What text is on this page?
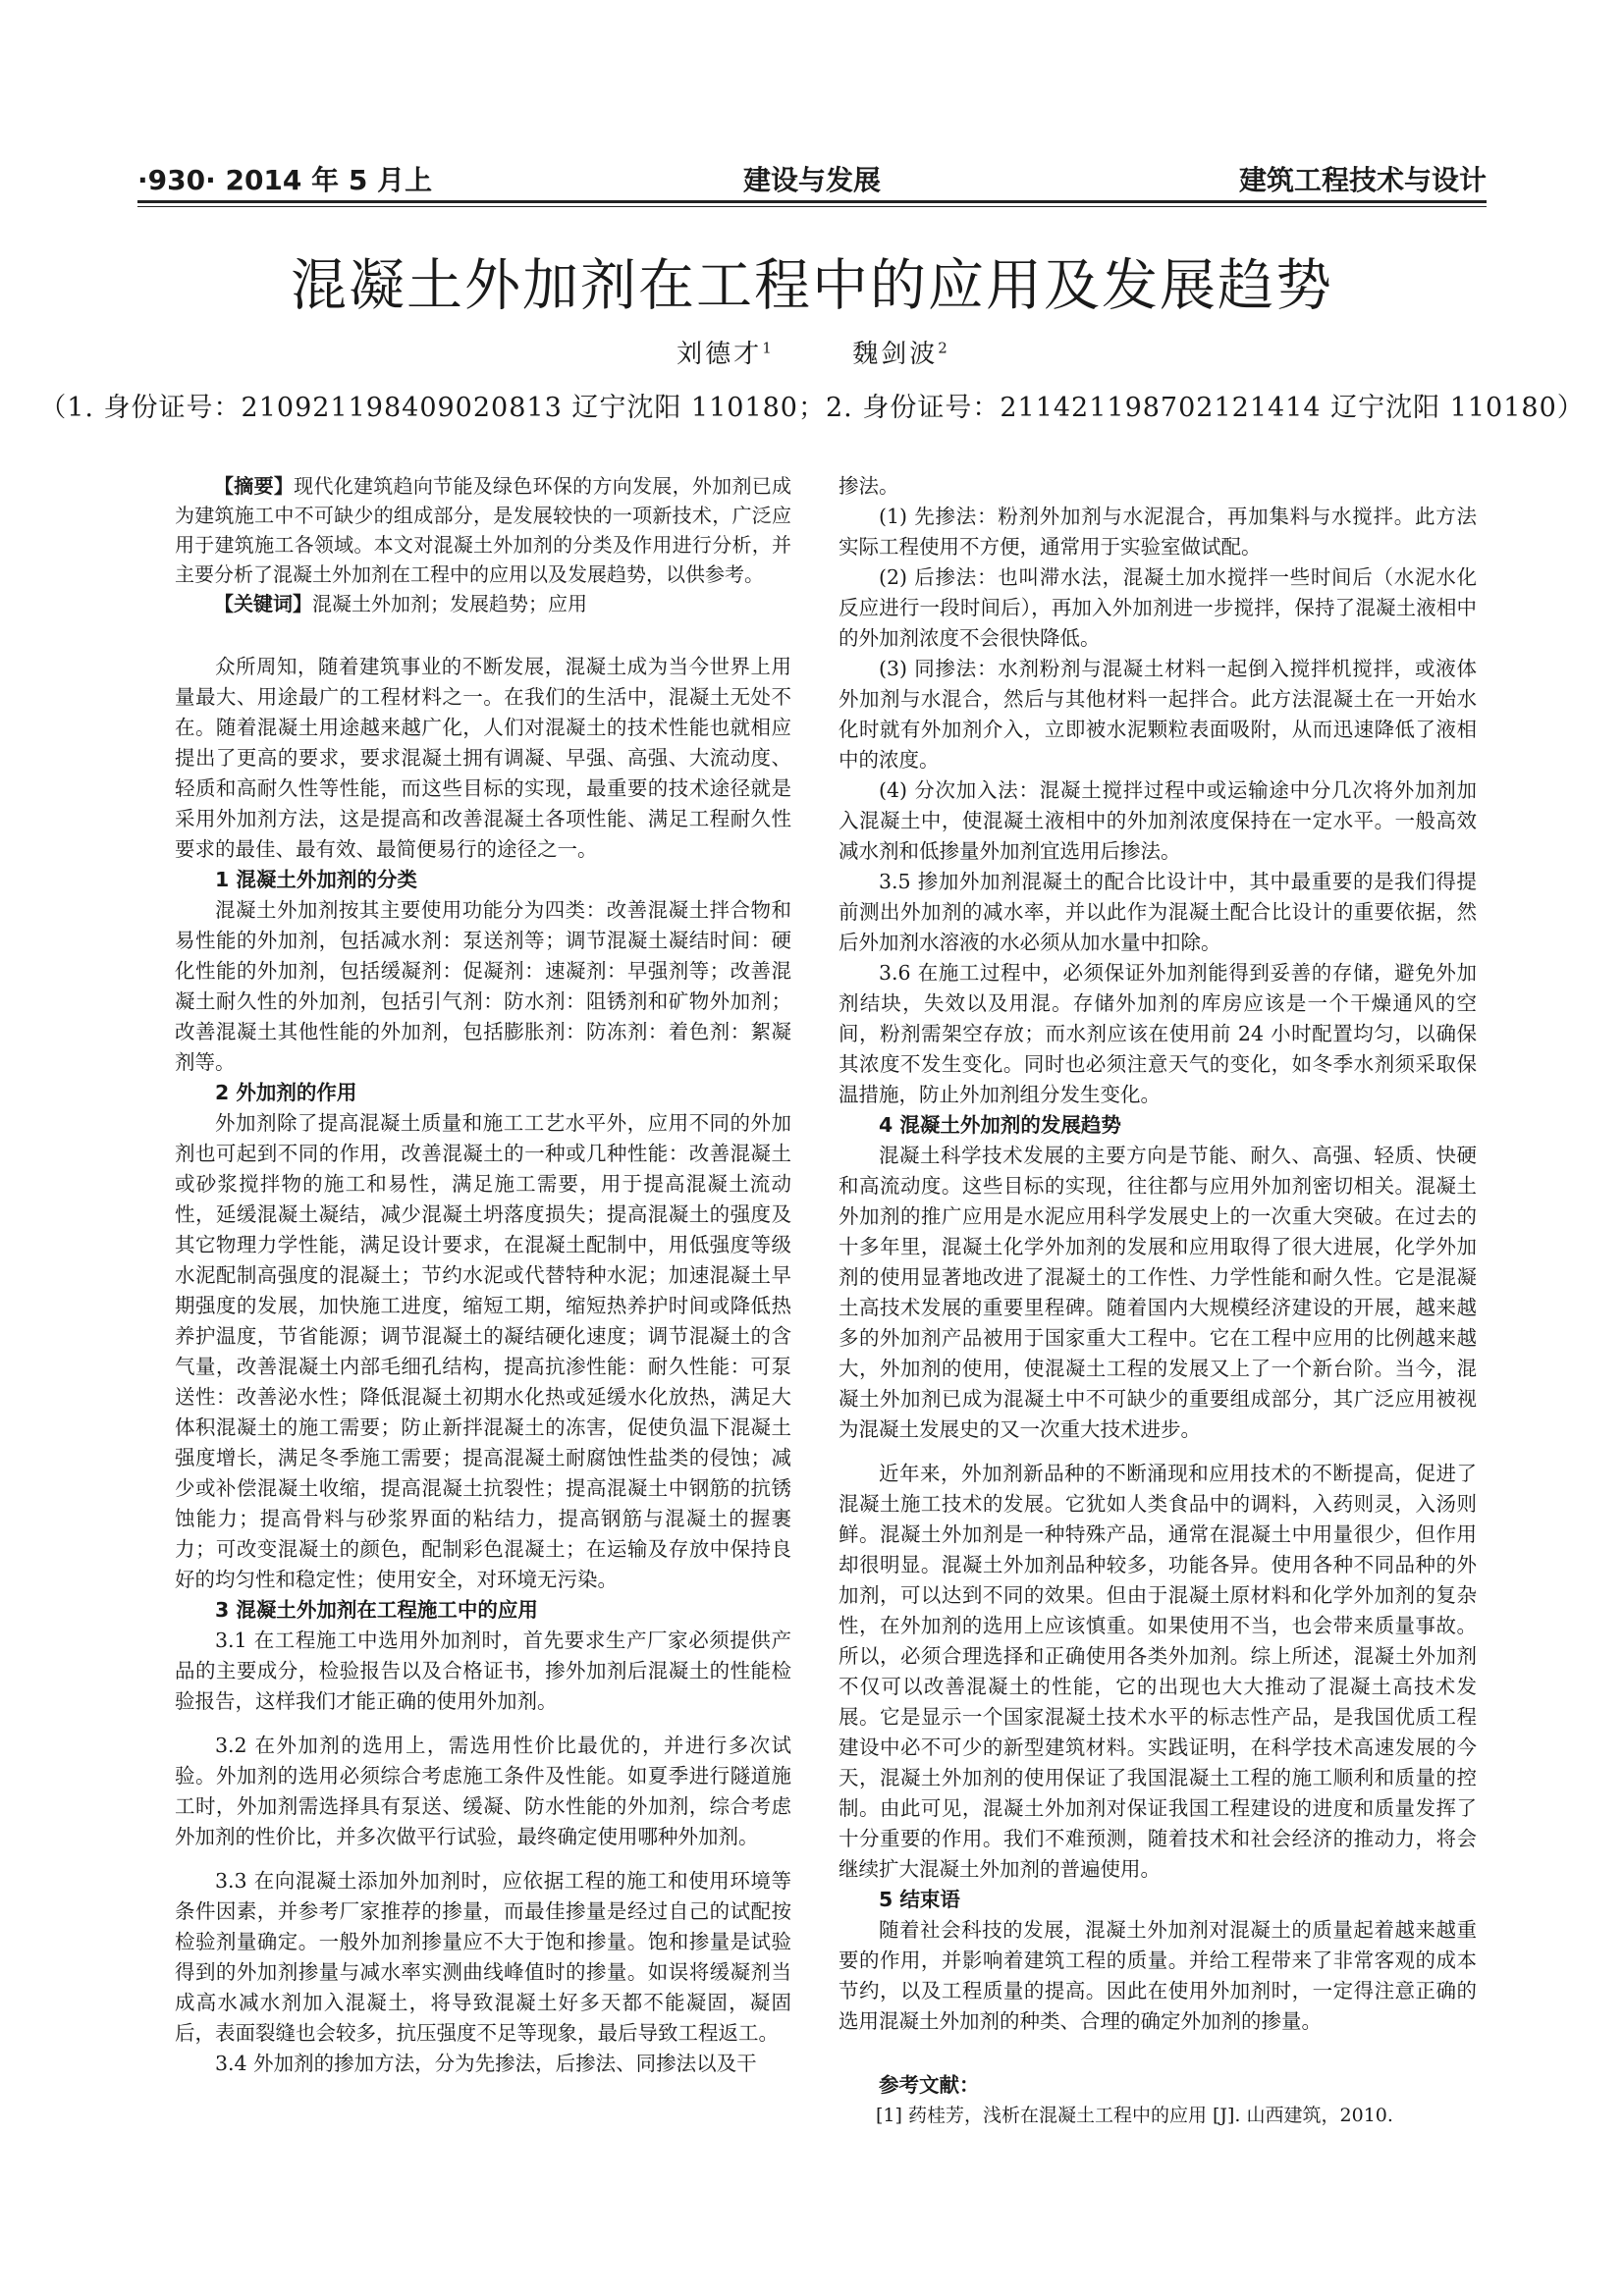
·930· 2014 年 5 月上	建设与发展	建筑工程技术与设计
混凝土外加剂在工程中的应用及发展趋势
刘德才$^1$	魏剑波$^2$
（1. 身份证号：210921198409020813 辽宁沈阳 110180；2. 身份证号：211421198702121414 辽宁沈阳 110180）

【摘要】现代化建筑趋向节能及绿色环保的方向发展，外加剂已成为建筑施工中不可缺少的组成部分，是发展较快的一项新技术，广泛应用于建筑施工各领域。本文对混凝土外加剂的分类及作用进行分析，并主要分析了混凝土外加剂在工程中的应用以及发展趋势，以供参考。

【关键词】混凝土外加剂；发展趋势；应用

众所周知，随着建筑事业的不断发展，混凝土成为当今世界上用量最大、用途最广的工程材料之一。在我们的生活中，混凝土无处不在。随着混凝土用途越来越广化，人们对混凝土的技术性能也就相应提出了更高的要求，要求混凝土拥有调凝、早强、高强、大流动度、轻质和高耐久性等性能，而这些目标的实现，最重要的技术途径就是采用外加剂方法，这是提高和改善混凝土各项性能、满足工程耐久性要求的最佳、最有效、最简便易行的途径之一。

1 混凝土外加剂的分类

混凝土外加剂按其主要使用功能分为四类：改善混凝土拌合物和易性能的外加剂，包括减水剂：泵送剂等；调节混凝土凝结时间：硬化性能的外加剂，包括缓凝剂：促凝剂：速凝剂：早强剂等；改善混凝土耐久性的外加剂，包括引气剂：防水剂：阻锈剂和矿物外加剂；改善混凝土其他性能的外加剂，包括膨胀剂：防冻剂：着色剂：絮凝剂等。

2 外加剂的作用

外加剂除了提高混凝土质量和施工工艺水平外，应用不同的外加剂也可起到不同的作用，改善混凝土的一种或几种性能：改善混凝土或砂浆搅拌物的施工和易性，满足施工需要，用于提高混凝土流动性，延缓混凝土凝结，减少混凝土坍落度损失；提高混凝土的强度及其它物理力学性能，满足设计要求，在混凝土配制中，用低强度等级水泥配制高强度的混凝土；节约水泥或代替特种水泥；加速混凝土早期强度的发展，加快施工进度，缩短工期，缩短热养护时间或降低热养护温度，节省能源；调节混凝土的凝结硬化速度；调节混凝土的含气量，改善混凝土内部毛细孔结构，提高抗渗性能：耐久性能：可泵送性：改善泌水性；降低混凝土初期水化热或延缓水化放热，满足大体积混凝土的施工需要；防止新拌混凝土的冻害，促使负温下混凝土强度增长，满足冬季施工需要；提高混凝土耐腐蚀性盐类的侵蚀；减少或补偿混凝土收缩，提高混凝土抗裂性；提高混凝土中钢筋的抗锈蚀能力；提高骨料与砂浆界面的粘结力，提高钢筋与混凝土的握裹力；可改变混凝土的颜色，配制彩色混凝土；在运输及存放中保持良好的均匀性和稳定性；使用安全，对环境无污染。

3 混凝土外加剂在工程施工中的应用

3.1 在工程施工中选用外加剂时，首先要求生产厂家必须提供产品的主要成分，检验报告以及合格证书，掺外加剂后混凝土的性能检验报告，这样我们才能正确的使用外加剂。

3.2 在外加剂的选用上，需选用性价比最优的，并进行多次试验。外加剂的选用必须综合考虑施工条件及性能。如夏季进行隧道施工时，外加剂需选择具有泵送、缓凝、防水性能的外加剂，综合考虑外加剂的性价比，并多次做平行试验，最终确定使用哪种外加剂。

3.3 在向混凝土添加外加剂时，应依据工程的施工和使用环境等条件因素，并参考厂家推荐的掺量，而最佳掺量是经过自己的试配按检验剂量确定。一般外加剂掺量应不大于饱和掺量。饱和掺量是试验得到的外加剂掺量与减水率实测曲线峰值时的掺量。如误将缓凝剂当成高水减水剂加入混凝土，将导致混凝土好多天都不能凝固，凝固后，表面裂缝也会较多，抗压强度不足等现象，最后导致工程返工。

3.4 外加剂的掺加方法，分为先掺法，后掺法、同掺法以及干

掺法。

(1) 先掺法：粉剂外加剂与水泥混合，再加集料与水搅拌。此方法实际工程使用不方便，通常用于实验室做试配。

(2) 后掺法：也叫滞水法，混凝土加水搅拌一些时间后（水泥水化反应进行一段时间后），再加入外加剂进一步搅拌，保持了混凝土液相中的外加剂浓度不会很快降低。

(3) 同掺法：水剂粉剂与混凝土材料一起倒入搅拌机搅拌，或液体外加剂与水混合，然后与其他材料一起拌合。此方法混凝土在一开始水化时就有外加剂介入，立即被水泥颗粒表面吸附，从而迅速降低了液相中的浓度。

(4) 分次加入法：混凝土搅拌过程中或运输途中分几次将外加剂加入混凝土中，使混凝土液相中的外加剂浓度保持在一定水平。一般高效减水剂和低掺量外加剂宜选用后掺法。

3.5 掺加外加剂混凝土的配合比设计中，其中最重要的是我们得提前测出外加剂的减水率，并以此作为混凝土配合比设计的重要依据，然后外加剂水溶液的水必须从加水量中扣除。

3.6 在施工过程中，必须保证外加剂能得到妥善的存储，避免外加剂结块，失效以及用混。存储外加剂的库房应该是一个干燥通风的空间，粉剂需架空存放；而水剂应该在使用前 24 小时配置均匀，以确保其浓度不发生变化。同时也必须注意天气的变化，如冬季水剂须采取保温措施，防止外加剂组分发生变化。

4 混凝土外加剂的发展趋势

混凝土科学技术发展的主要方向是节能、耐久、高强、轻质、快硬和高流动度。这些目标的实现，往往都与应用外加剂密切相关。混凝土外加剂的推广应用是水泥应用科学发展史上的一次重大突破。在过去的十多年里，混凝土化学外加剂的发展和应用取得了很大进展，化学外加剂的使用显著地改进了混凝土的工作性、力学性能和耐久性。它是混凝土高技术发展的重要里程碑。随着国内大规模经济建设的开展，越来越多的外加剂产品被用于国家重大工程中。它在工程中应用的比例越来越大，外加剂的使用，使混凝土工程的发展又上了一个新台阶。当今，混凝土外加剂已成为混凝土中不可缺少的重要组成部分，其广泛应用被视为混凝土发展史的又一次重大技术进步。

近年来，外加剂新品种的不断涌现和应用技术的不断提高，促进了混凝土施工技术的发展。它犹如人类食品中的调料，入药则灵，入汤则鲜。混凝土外加剂是一种特殊产品，通常在混凝土中用量很少，但作用却很明显。混凝土外加剂品种较多，功能各异。使用各种不同品种的外加剂，可以达到不同的效果。但由于混凝土原材料和化学外加剂的复杂性，在外加剂的选用上应该慎重。如果使用不当，也会带来质量事故。所以，必须合理选择和正确使用各类外加剂。综上所述，混凝土外加剂不仅可以改善混凝土的性能，它的出现也大大推动了混凝土高技术发展。它是显示一个国家混凝土技术水平的标志性产品，是我国优质工程建设中必不可少的新型建筑材料。实践证明，在科学技术高速发展的今天，混凝土外加剂的使用保证了我国混凝土工程的施工顺利和质量的控制。由此可见，混凝土外加剂对保证我国工程建设的进度和质量发挥了十分重要的作用。我们不难预测，随着技术和社会经济的推动力，将会继续扩大混凝土外加剂的普遍使用。

5 结束语

随着社会科技的发展，混凝土外加剂对混凝土的质量起着越来越重要的作用，并影响着建筑工程的质量。并给工程带来了非常客观的成本节约，以及工程质量的提高。因此在使用外加剂时，一定得注意正确的选用混凝土外加剂的种类、合理的确定外加剂的掺量。

参考文献：

[1] 药桂芳，浅析在混凝土工程中的应用 [J]. 山西建筑，2010.
